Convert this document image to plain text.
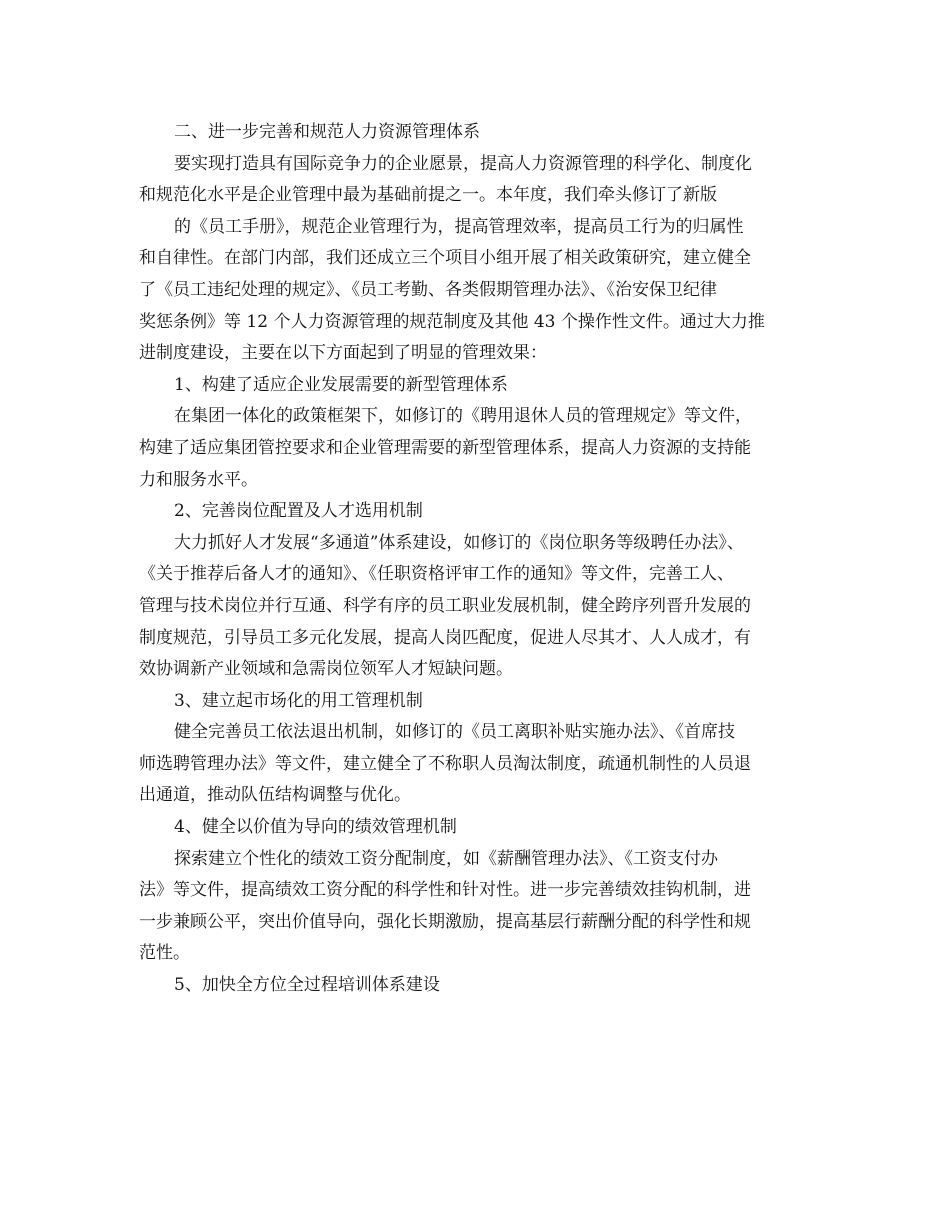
二、进一步完善和规范人力资源管理体系
要实现打造具有国际竞争力的企业愿景，提高人力资源管理的科学化、制度化
和规范化水平是企业管理中最为基础前提之一。本年度，我们牵头修订了新版
的《员工手册》，规范企业管理行为，提高管理效率，提高员工行为的归属性
和自律性。在部门内部，我们还成立三个项目小组开展了相关政策研究，建立健全
了《员工违纪处理的规定》、《员工考勤、各类假期管理办法》、《治安保卫纪律
奖惩条例》等 12 个人力资源管理的规范制度及其他 43 个操作性文件。通过大力推
进制度建设，主要在以下方面起到了明显的管理效果：
1、构建了适应企业发展需要的新型管理体系
在集团一体化的政策框架下，如修订的《聘用退休人员的管理规定》等文件，
构建了适应集团管控要求和企业管理需要的新型管理体系，提高人力资源的支持能
力和服务水平。
2、完善岗位配置及人才选用机制
大力抓好人才发展“多通道”体系建设，如修订的《岗位职务等级聘任办法》、
《关于推荐后备人才的通知》、《任职资格评审工作的通知》等文件，完善工人、
管理与技术岗位并行互通、科学有序的员工职业发展机制，健全跨序列晋升发展的
制度规范，引导员工多元化发展，提高人岗匹配度，促进人尽其才、人人成才，有
效协调新产业领域和急需岗位领军人才短缺问题。
3、建立起市场化的用工管理机制
健全完善员工依法退出机制，如修订的《员工离职补贴实施办法》、《首席技
师选聘管理办法》等文件，建立健全了不称职人员淘汰制度，疏通机制性的人员退
出通道，推动队伍结构调整与优化。
4、健全以价值为导向的绩效管理机制
探索建立个性化的绩效工资分配制度，如《薪酬管理办法》、《工资支付办
法》等文件，提高绩效工资分配的科学性和针对性。进一步完善绩效挂钩机制，进
一步兼顾公平，突出价值导向，强化长期激励，提高基层行薪酬分配的科学性和规
范性。
5、加快全方位全过程培训体系建设
